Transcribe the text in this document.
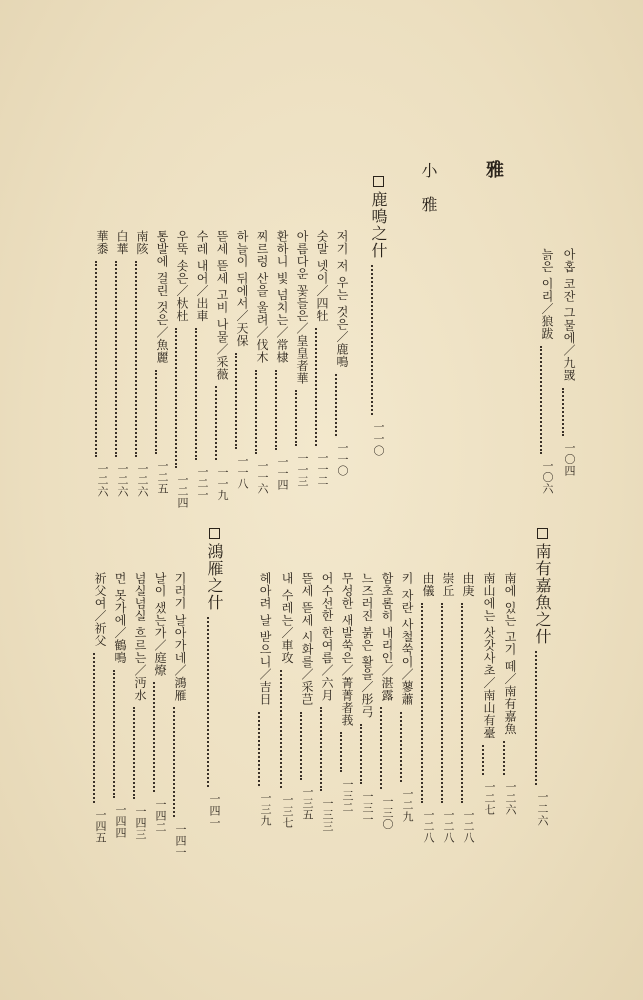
雅
小雅
아홉 코잔 그물에／九罭一〇四
늙은 이리／狼跋一〇六
鹿鳴之什一一〇
저기 저 우는 것은／鹿鳴一一〇
숫말 넷이／四牡一一二
아름다운 꽃들은／皇皇者華一一三
환하니 빛 넘치는／常棣一一四
찌르렁 산을 울려／伐木一一六
하늘이 뒤에서／天保一一八
뜯세 뜯세 고비 나물／采薇一一九
수레 내어／出車一二一
우뚝 솟은／杕杜一二四
통발에 걸린 것은／魚麗一二五
南陔一二六
白華一二六
華黍一二六
南有嘉魚之什一二六
南에 있는 고기 떼／南有嘉魚一二六
南山에는 삿갓사초／南山有臺一二七
由庚一二八
崇丘一二八
由儀一二八
키 자란 사철쑥이／蓼蕭一二九
함초롬히 내리인／湛露一三〇
느즈러진 붉은 활을／彤弓一三一
무성한 새발쑥은／菁菁者莪一三二
어수선한 한여름／六月一三三
뜯세 뜯세 시화를／采芑一三五
내 수레는／車攻一三七
헤아려 날 받으니／吉日一三九
鴻雁之什一四一
기러기 날아가네／鴻雁一四一
날이 샜는가／庭燎一四二
넘실넘실 흐르는／沔水一四三
먼 못가에／鶴鳴一四四
祈父여／祈父一四五
